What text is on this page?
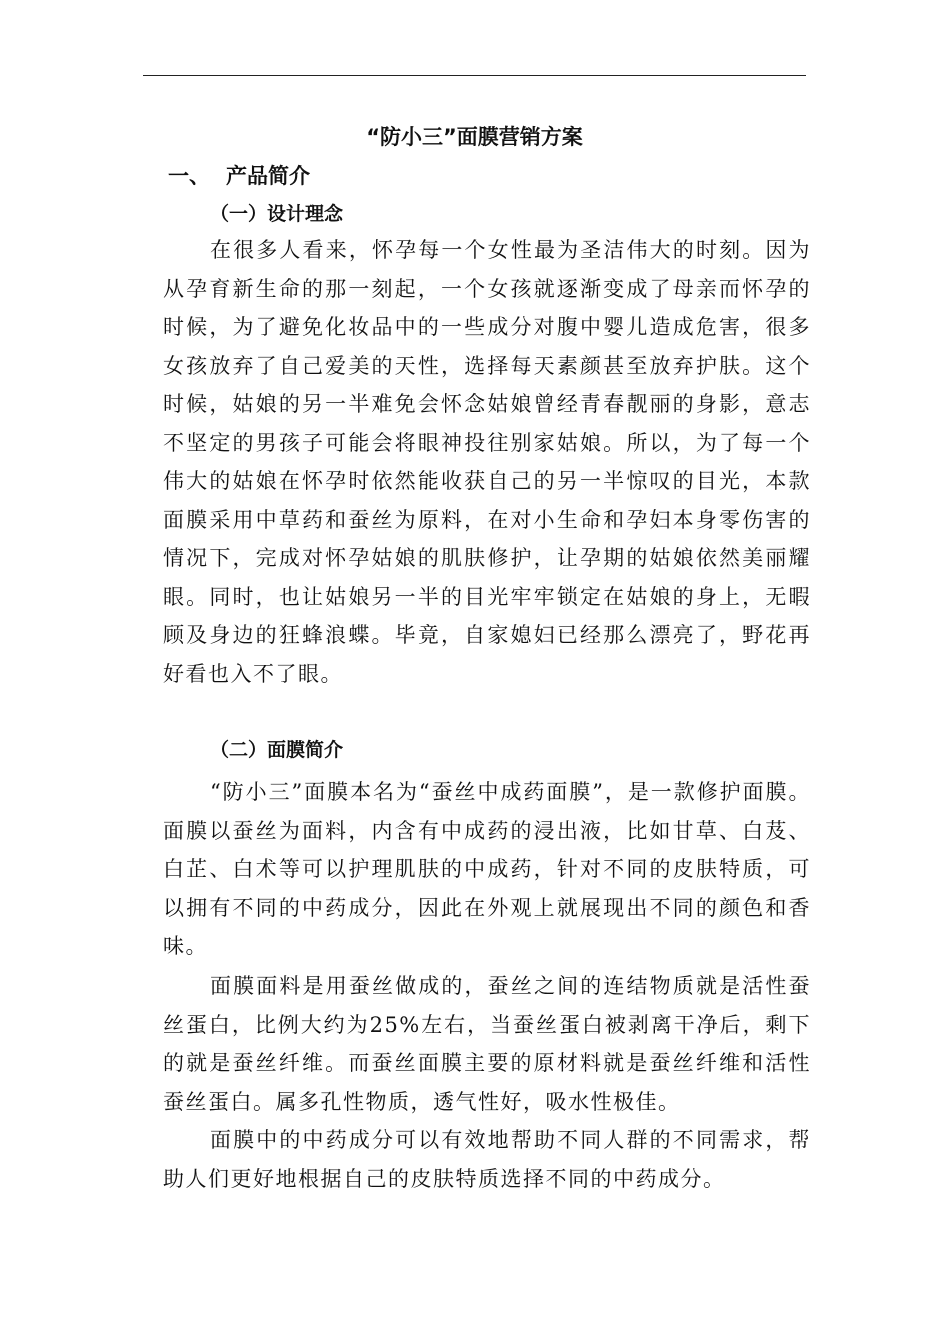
“防小三”面膜营销方案
一、 产品简介
（一）设计理念

在很多人看来，怀孕每一个女性最为圣洁伟大的时刻。因为从孕育新生命的那一刻起，一个女孩就逐渐变成了母亲而怀孕的时候，为了避免化妆品中的一些成分对腹中婴儿造成危害，很多女孩放弃了自己爱美的天性，选择每天素颜甚至放弃护肤。这个时候，姑娘的另一半难免会怀念姑娘曾经青春靓丽的身影，意志不坚定的男孩子可能会将眼神投往别家姑娘。所以，为了每一个伟大的姑娘在怀孕时依然能收获自己的另一半惊叹的目光，本款面膜采用中草药和蚕丝为原料，在对小生命和孕妇本身零伤害的情况下，完成对怀孕姑娘的肌肤修护，让孕期的姑娘依然美丽耀眼。同时，也让姑娘另一半的目光牢牢锁定在姑娘的身上，无暇顾及身边的狂蜂浪蝶。毕竟，自家媳妇已经那么漂亮了，野花再好看也入不了眼。

（二）面膜简介

“防小三”面膜本名为“蚕丝中成药面膜”，是一款修护面膜。面膜以蚕丝为面料，内含有中成药的浸出液，比如甘草、白芨、白芷、白术等可以护理肌肤的中成药，针对不同的皮肤特质，可以拥有不同的中药成分，因此在外观上就展现出不同的颜色和香味。

面膜面料是用蚕丝做成的，蚕丝之间的连结物质就是活性蚕丝蛋白，比例大约为25%左右，当蚕丝蛋白被剥离干净后，剩下的就是蚕丝纤维。而蚕丝面膜主要的原材料就是蚕丝纤维和活性蚕丝蛋白。属多孔性物质，透气性好，吸水性极佳。

面膜中的中药成分可以有效地帮助不同人群的不同需求，帮助人们更好地根据自己的皮肤特质选择不同的中药成分。
